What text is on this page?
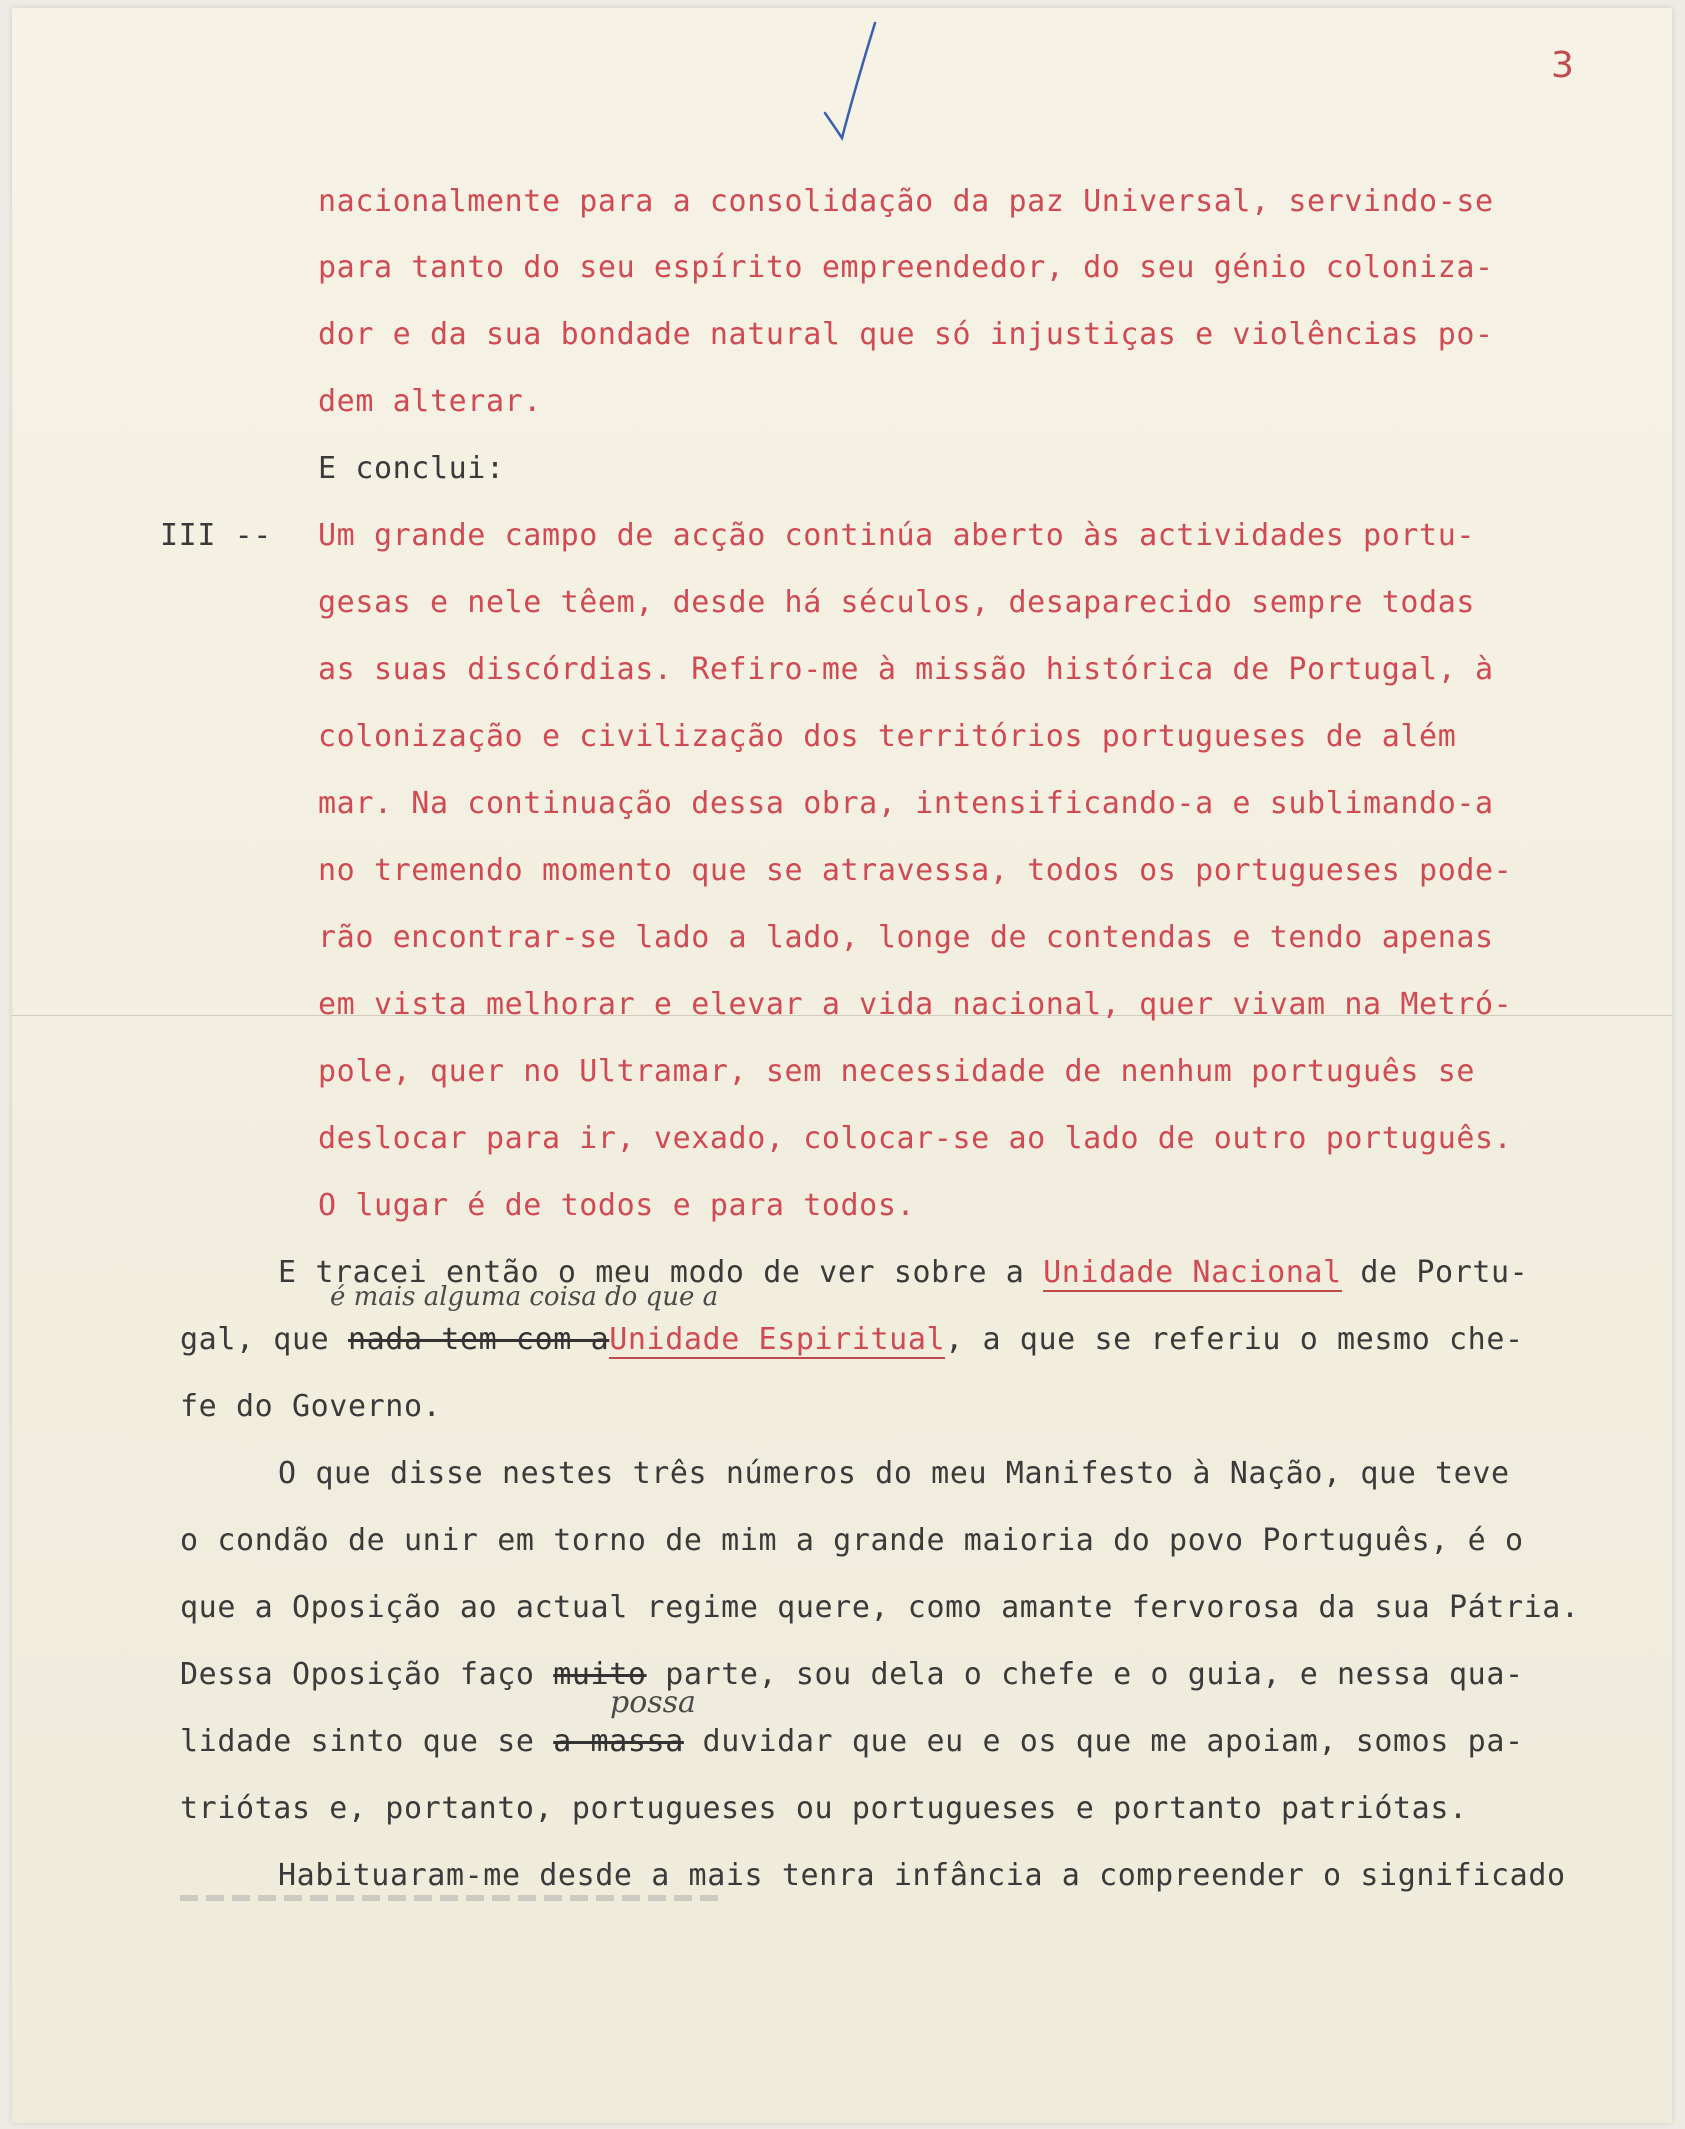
3
nacionalmente para a consolidação da paz Universal, servindo-se
para tanto do seu espírito empreendedor, do seu génio coloniza-
dor e da sua bondade natural que só injustiças e violências po-
dem alterar.
E conclui:
III -- Um grande campo de acção continúa aberto às actividades portu-
gesas e nele têem, desde há séculos, desaparecido sempre todas
as suas discórdias. Refiro-me à missão histórica de Portugal, à
colonização e civilização dos territórios portugueses de além
mar. Na continuação dessa obra, intensificando-a e sublimando-a
no tremendo momento que se atravessa, todos os portugueses pode-
rão encontrar-se lado a lado, longe de contendas e tendo apenas
em vista melhorar e elevar a vida nacional, quer vivam na Metró-
pole, quer no Ultramar, sem necessidade de nenhum português se
deslocar para ir, vexado, colocar-se ao lado de outro português.
O lugar é de todos e para todos.
é mais alguma coisa do que a
E tracei então o meu modo de ver sobre a Unidade Nacional de Portu-
gal, que nada tem com aUnidade Espiritual, a que se referiu o mesmo che-
fe do Governo.
O que disse nestes três números do meu Manifesto à Nação, que teve
o condão de unir em torno de mim a grande maioria do povo Português, é o
que a Oposição ao actual regime quere, como amante fervorosa da sua Pátria.
Dessa Oposição faço muito parte, sou dela o chefe e o guia, e nessa qua-
possa
lidade sinto que se a massa duvidar que eu e os que me apoiam, somos pa-
triótas e, portanto, portugueses ou portugueses e portanto patriótas.
Habituaram-me desde a mais tenra infância a compreender o significado
